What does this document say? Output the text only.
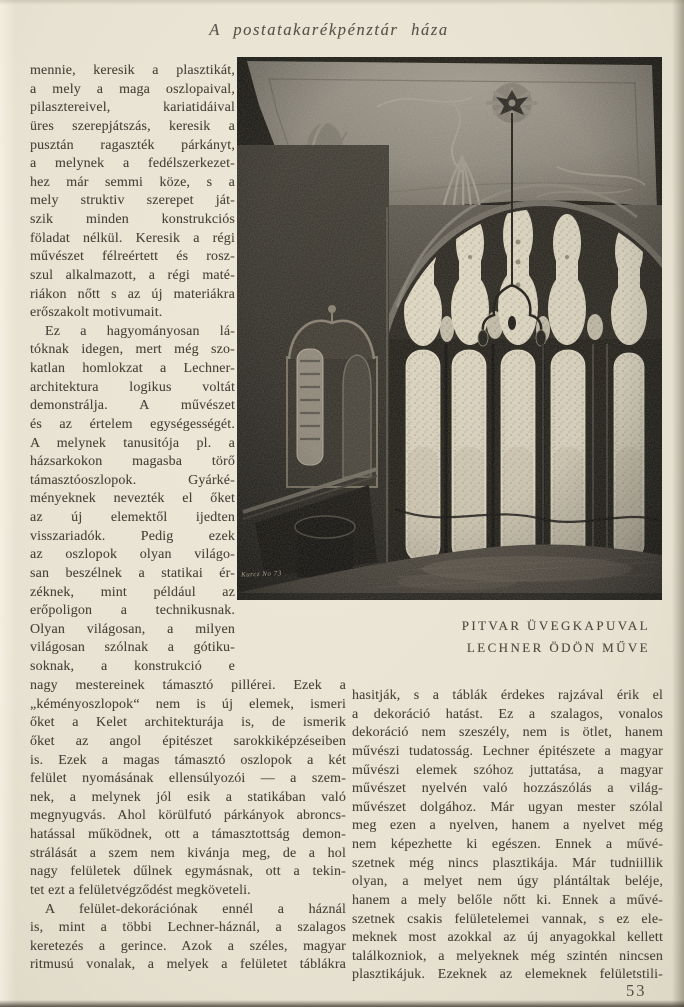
A postatakarékpénztár háza
mennie, keresik a plasztikát,
a mely a maga oszlopaival,
pilasztereivel, kariatidáival
üres szerepjátszás, keresik a
pusztán ragaszték párkányt,
a melynek a fedélszerkezet-
hez már semmi köze, s a
mely struktiv szerepet ját-
szik minden konstrukciós
föladat nélkül. Keresik a régi
művészet félreértett és rosz-
szul alkalmazott, a régi maté-
riákon nőtt s az új materiákra
erőszakolt motivumait.
Ez a hagyományosan lá-
tóknak idegen, mert még szo-
katlan homlokzat a Lechner-
architektura logikus voltát
demonstrálja. A művészet
és az értelem egységességét.
A melynek tanusitója pl. a
házsarkokon magasba törő
támasztóoszlopok. Gyárké-
ményeknek nevezték el őket
az új elemektől ijedten
visszariadók. Pedig ezek
az oszlopok olyan világo-
san beszélnek a statikai ér-
zéknek, mint például az
erőpoligon a technikusnak.
Olyan világosan, a milyen
világosan szólnak a gótiku-
soknak, a konstrukció e
nagy mestereinek támasztó pillérei. Ezek a
„kéményoszlopok“ nem is új elemek, ismeri
őket a Kelet architekturája is, de ismerik
őket az angol épitészet sarokkiképzéseiben
is. Ezek a magas támasztó oszlopok a két
felület nyomásának ellensúlyozói — a szem-
nek, a melynek jól esik a statikában való
megnyugvás. Ahol körülfutó párkányok abroncs-
hatással működnek, ott a támasztottság demon-
strálását a szem nem kivánja meg, de a hol
nagy felületek dűlnek egymásnak, ott a tekin-
tet ezt a felületvégződést megköveteli.
A felület-dekorációnak ennél a háznál
is, mint a többi Lechner-háznál, a szalagos
keretezés a gerince. Azok a széles, magyar
ritmusú vonalak, a melyek a felületet táblákra
hasitják, s a táblák érdekes rajzával érik el
a dekoráció hatást. Ez a szalagos, vonalos
dekoráció nem szeszély, nem is ötlet, hanem
művészi tudatosság. Lechner épitészete a magyar
művészi elemek szóhoz juttatása, a magyar
művészet nyelvén való hozzászólás a világ-
művészet dolgához. Már ugyan mester szólal
meg ezen a nyelven, hanem a nyelvet még
nem képezhette ki egészen. Ennek a művé-
szetnek még nincs plasztikája. Már tudniillik
olyan, a melyet nem úgy plántáltak beléje,
hanem a mely belőle nőtt ki. Ennek a művé-
szetnek csakis felületelemei vannak, s ez ele-
meknek most azokkal az új anyagokkal kellett
találkozniok, a melyeknek még szintén nincsen
plasztikájuk. Ezeknek az elemeknek felületstili-
Kurcz No 73
PITVAR ÜVEGKAPUVAL
LECHNER ÖDÖN MŰVE
53
